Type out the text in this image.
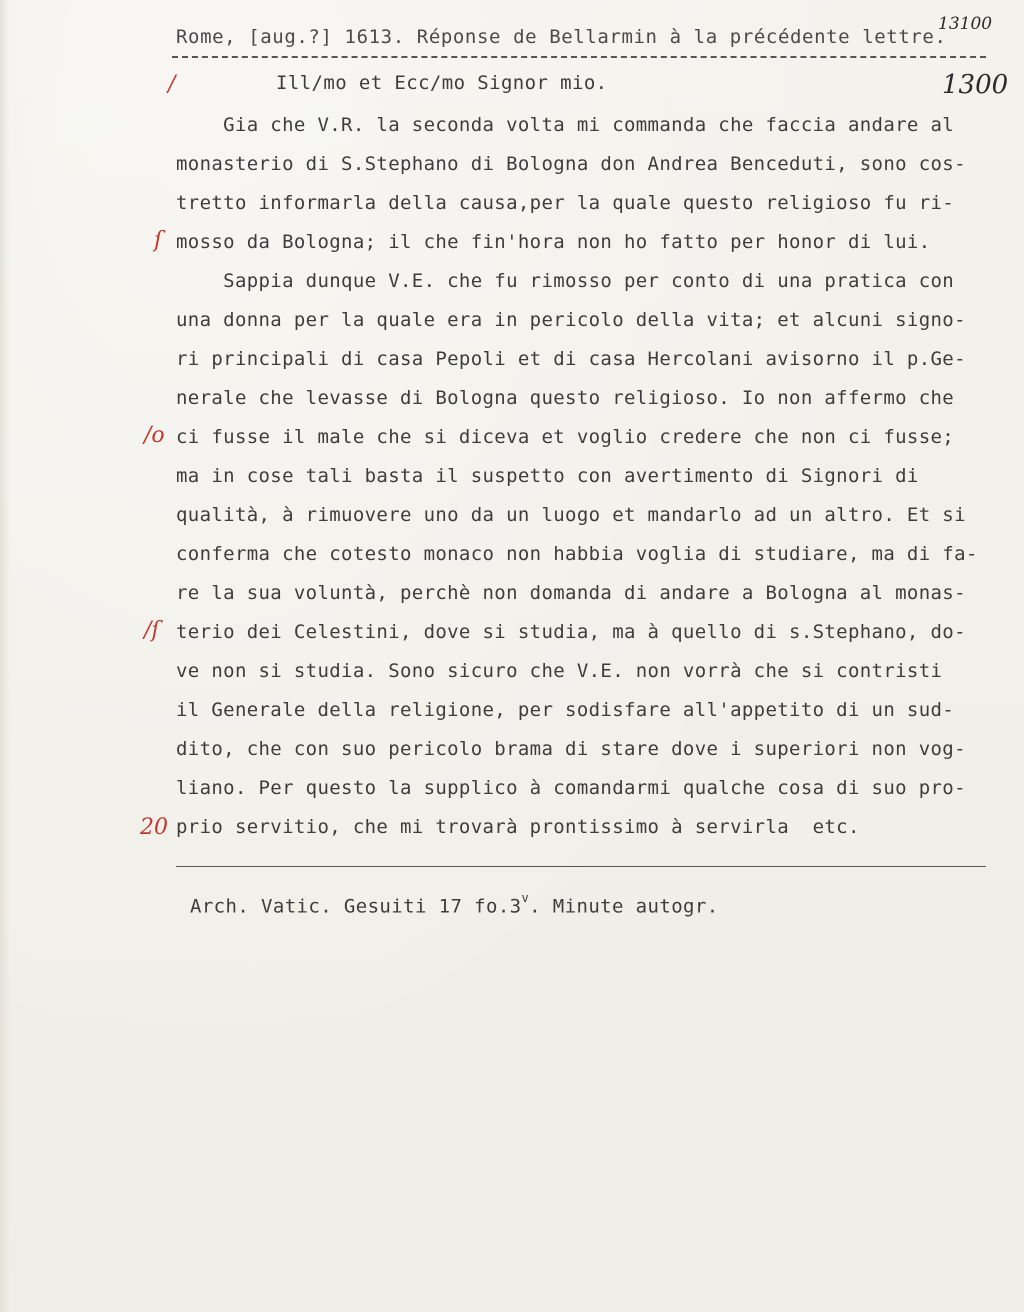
Rome, [aug.?] 1613. Réponse de Bellarmin à la précédente lettre.
13100
1300
/	Ill/mo et Ecc/mo Signor mio.
Gia che V.R. la seconda volta mi commanda che faccia andare al
monasterio di S.Stephano di Bologna don Andrea Benceduti, sono cos-
tretto informarla della causa,per la quale questo religioso fu ri-
mosso da Bologna; il che fin'hora non ho fatto per honor di lui.
Sappia dunque V.E. che fu rimosso per conto di una pratica con
una donna per la quale era in pericolo della vita; et alcuni signo-
ri principali di casa Pepoli et di casa Hercolani avisorno il p.Ge-
nerale che levasse di Bologna questo religioso. Io non affermo che
ci fusse il male che si diceva et voglio credere che non ci fusse;
ma in cose tali basta il suspetto con avertimento di Signori di
qualità, à rimuovere uno da un luogo et mandarlo ad un altro. Et si
conferma che cotesto monaco non habbia voglia di studiare, ma di fa-
re la sua voluntà, perchè non domanda di andare a Bologna al monas-
terio dei Celestini, dove si studia, ma à quello di s.Stephano, do-
ve non si studia. Sono sicuro che V.E. non vorrà che si contristi
il Generale della religione, per sodisfare all'appetito di un sud-
dito, che con suo pericolo brama di stare dove i superiori non vog-
liano. Per questo la supplico à comandarmi qualche cosa di suo pro-
prio servitio, che mi trovarà prontissimo à servirla  etc.
ſ
/o
/ſ
20
Arch. Vatic. Gesuiti 17 fo.3$^v$. Minute autogr.
